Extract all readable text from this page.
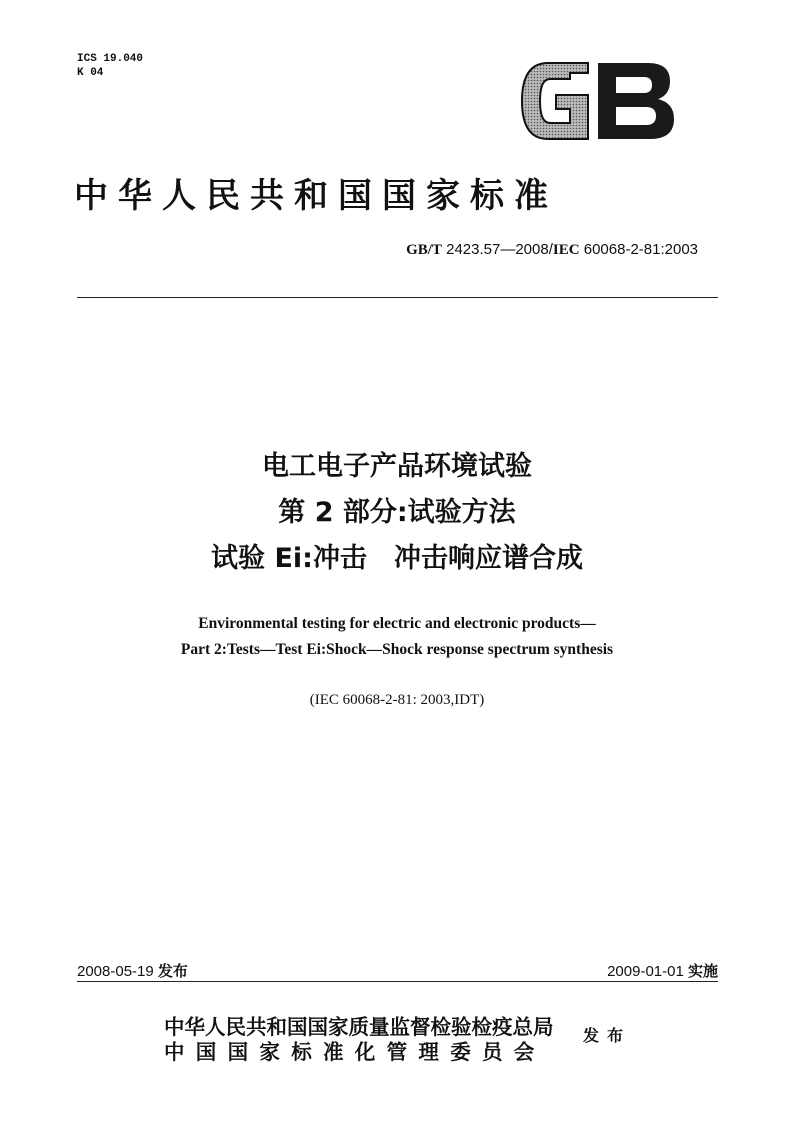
ICS 19.040
K 04
中华人民共和国国家标准
GB/T 2423.57—2008/IEC 60068-2-81:2003
电工电子产品环境试验
第 2 部分:试验方法
试验 Ei:冲击　冲击响应谱合成
Environmental testing for electric and electronic products—
Part 2:Tests—Test Ei:Shock—Shock response spectrum synthesis
(IEC 60068-2-81: 2003,IDT)
2008-05-19 发布	2009-01-01 实施
中华人民共和国国家质量监督检验检疫总局
中国国家标准化管理委员会
发布
